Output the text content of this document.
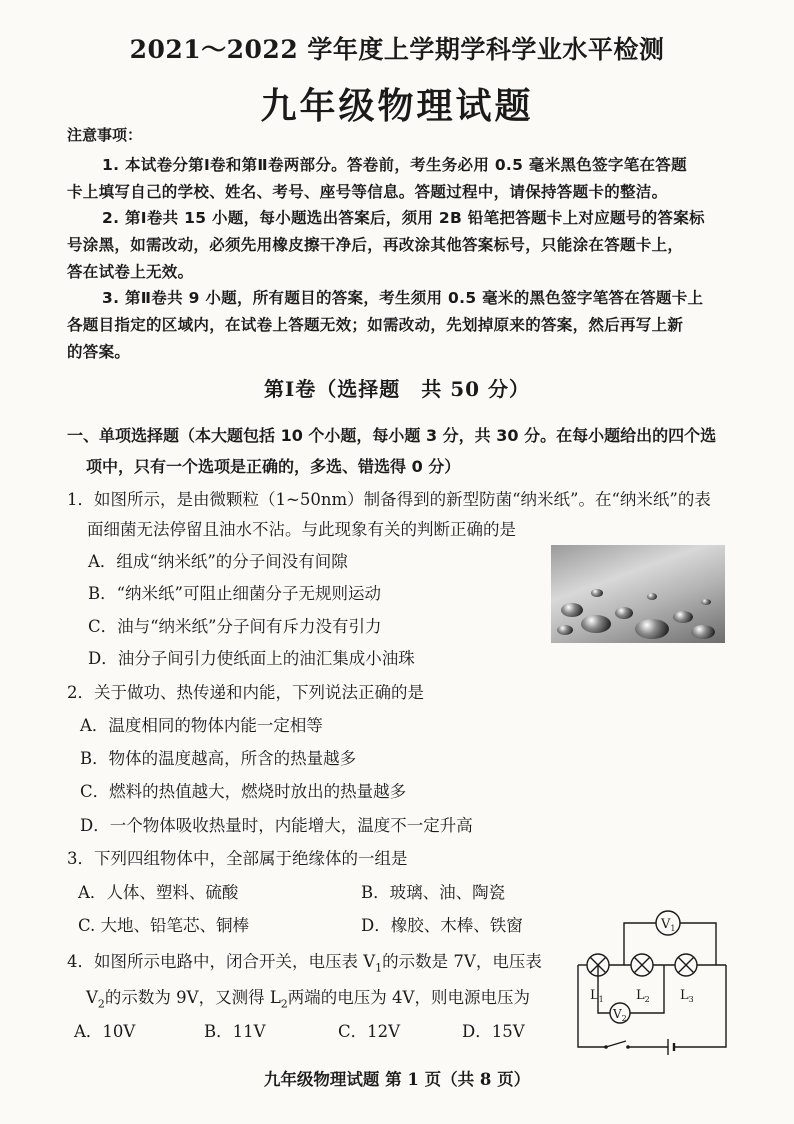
2021～2022 学年度上学期学科学业水平检测
九年级物理试题
注意事项：
1. 本试卷分第Ⅰ卷和第Ⅱ卷两部分。答卷前，考生务必用 0.5 毫米黑色签字笔在答题
卡上填写自己的学校、姓名、考号、座号等信息。答题过程中，请保持答题卡的整洁。
2. 第Ⅰ卷共 15 小题，每小题选出答案后，须用 2B 铅笔把答题卡上对应题号的答案标
号涂黑，如需改动，必须先用橡皮擦干净后，再改涂其他答案标号，只能涂在答题卡上，
答在试卷上无效。
3. 第Ⅱ卷共 9 小题，所有题目的答案，考生须用 0.5 毫米的黑色签字笔答在答题卡上
各题目指定的区域内，在试卷上答题无效；如需改动，先划掉原来的答案，然后再写上新
的答案。
第Ⅰ卷（选择题　共 50 分）
一、单项选择题（本大题包括 10 个小题，每小题 3 分，共 30 分。在每小题给出的四个选
项中，只有一个选项是正确的，多选、错选得 0 分）
1．如图所示，是由微颗粒（1~50nm）制备得到的新型防菌“纳米纸”。在“纳米纸”的表
面细菌无法停留且油水不沾。与此现象有关的判断正确的是
A．组成“纳米纸”的分子间没有间隙
B．“纳米纸”可阻止细菌分子无规则运动
C．油与“纳米纸”分子间有斥力没有引力
D．油分子间引力使纸面上的油汇集成小油珠
2．关于做功、热传递和内能，下列说法正确的是
A．温度相同的物体内能一定相等
B．物体的温度越高，所含的热量越多
C．燃料的热值越大，燃烧时放出的热量越多
D．一个物体吸收热量时，内能增大，温度不一定升高
3．下列四组物体中，全部属于绝缘体的一组是
A．人体、塑料、硫酸	B．玻璃、油、陶瓷
C. 大地、铅笔芯、铜棒	D．橡胶、木棒、铁窗
4．如图所示电路中，闭合开关，电压表 $V_1$的示数是 7V，电压表
$V_2$的示数为 9V，又测得 $L_2$两端的电压为 4V，则电源电压为
A．10V	B．11V	C．12V	D．15V
$V_1$
$V_2$
$L_1$ $L_2$ $L_3$
九年级物理试题 第 1 页（共 8 页）
